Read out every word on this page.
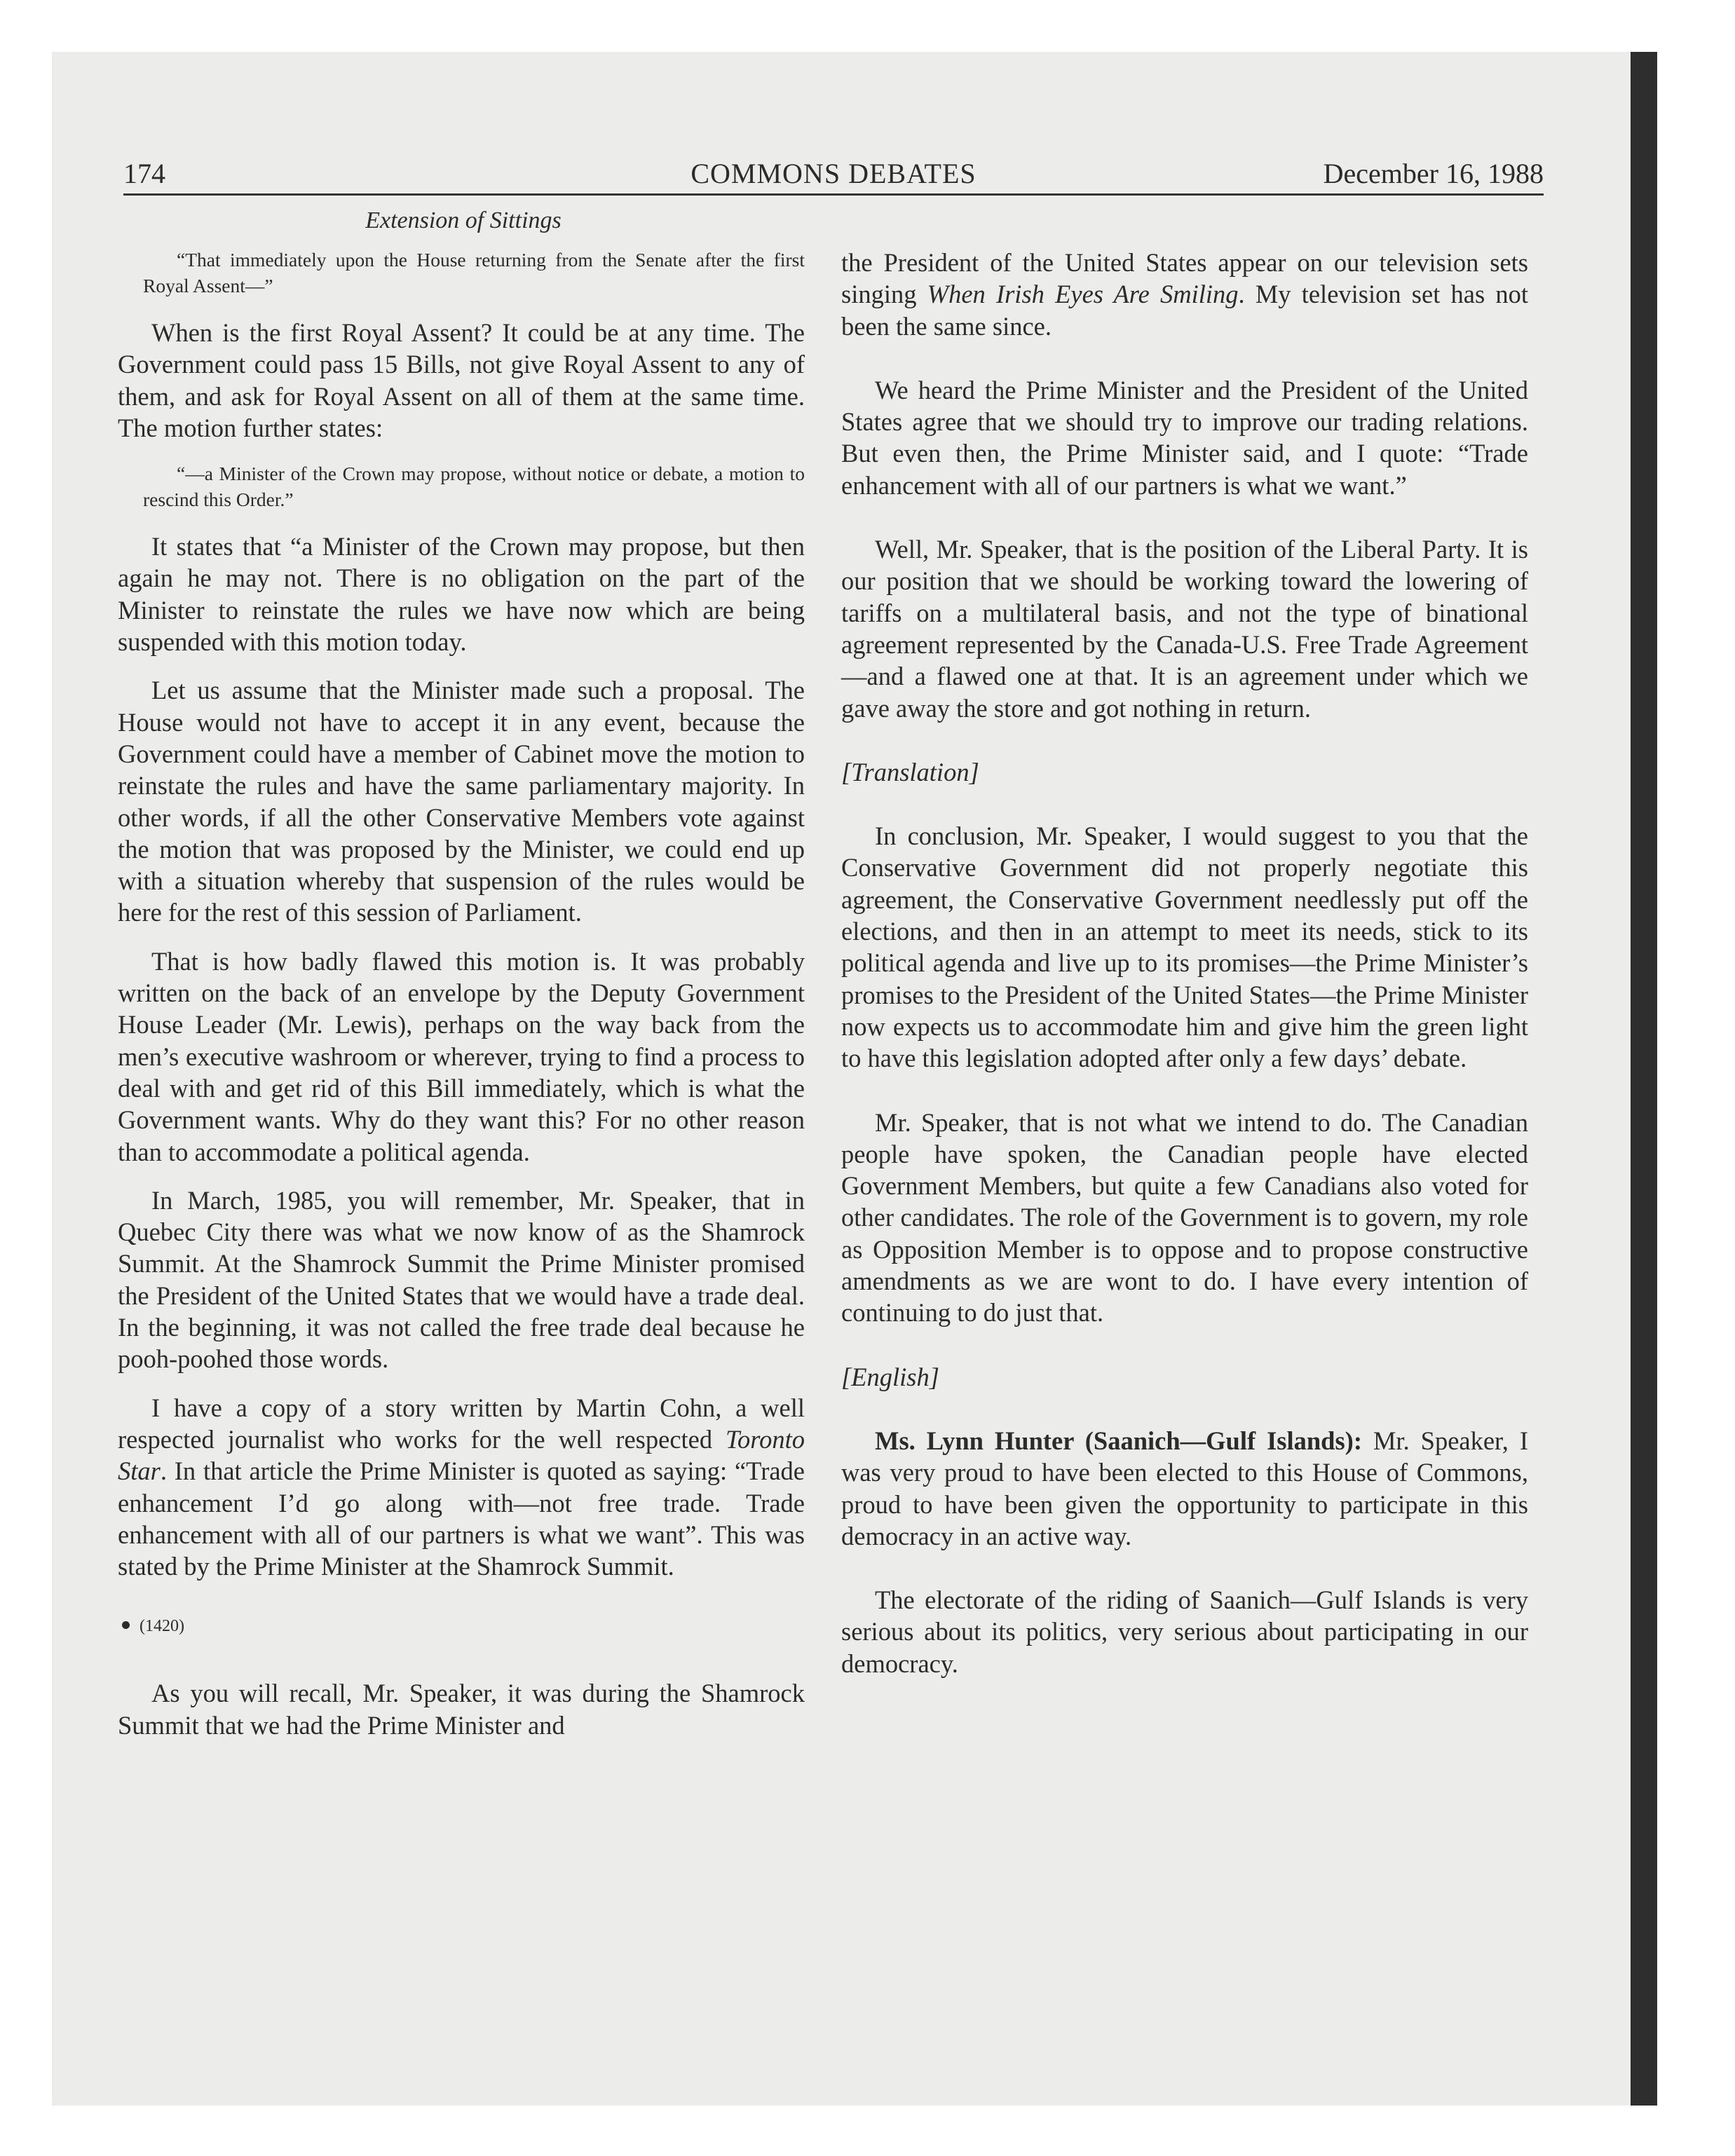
174	COMMONS DEBATES	December 16, 1988
Extension of Sittings

“That immediately upon the House returning from the Senate after the first Royal Assent—”

When is the first Royal Assent? It could be at any time. The Government could pass 15 Bills, not give Royal Assent to any of them, and ask for Royal Assent on all of them at the same time. The motion further states:

“—a Minister of the Crown may propose, without notice or debate, a motion to rescind this Order.”

It states that “a Minister of the Crown may propose, but then again he may not. There is no obligation on the part of the Minister to reinstate the rules we have now which are being suspended with this motion today.

Let us assume that the Minister made such a proposal. The House would not have to accept it in any event, because the Government could have a member of Cabinet move the motion to reinstate the rules and have the same parliamentary majority. In other words, if all the other Conservative Members vote against the motion that was proposed by the Minister, we could end up with a situation whereby that suspension of the rules would be here for the rest of this session of Parliament.

That is how badly flawed this motion is. It was probably written on the back of an envelope by the Deputy Government House Leader (Mr. Lewis), perhaps on the way back from the men’s executive washroom or wherever, trying to find a process to deal with and get rid of this Bill immediately, which is what the Government wants. Why do they want this? For no other reason than to accommodate a political agenda.

In March, 1985, you will remember, Mr. Speaker, that in Quebec City there was what we now know of as the Shamrock Summit. At the Shamrock Summit the Prime Minister promised the President of the United States that we would have a trade deal. In the beginning, it was not called the free trade deal because he pooh-poohed those words.

I have a copy of a story written by Martin Cohn, a well respected journalist who works for the well respected Toronto Star. In that article the Prime Minister is quoted as saying: “Trade enhancement I’d go along with—not free trade. Trade enhancement with all of our partners is what we want”. This was stated by the Prime Minister at the Shamrock Summit.

(1420)

As you will recall, Mr. Speaker, it was during the Shamrock Summit that we had the Prime Minister and

the President of the United States appear on our television sets singing When Irish Eyes Are Smiling. My television set has not been the same since.

We heard the Prime Minister and the President of the United States agree that we should try to improve our trading relations. But even then, the Prime Minister said, and I quote: “Trade enhancement with all of our partners is what we want.”

Well, Mr. Speaker, that is the position of the Liberal Party. It is our position that we should be working toward the lowering of tariffs on a multilateral basis, and not the type of binational agreement represented by the Canada-U.S. Free Trade Agreement—and a flawed one at that. It is an agreement under which we gave away the store and got nothing in return.

[Translation]

In conclusion, Mr. Speaker, I would suggest to you that the Conservative Government did not properly negotiate this agreement, the Conservative Government needlessly put off the elections, and then in an attempt to meet its needs, stick to its political agenda and live up to its promises—the Prime Minister’s promises to the President of the United States—the Prime Minister now expects us to accommodate him and give him the green light to have this legislation adopted after only a few days’ debate.

Mr. Speaker, that is not what we intend to do. The Canadian people have spoken, the Canadian people have elected Government Members, but quite a few Canadians also voted for other candidates. The role of the Government is to govern, my role as Opposition Member is to oppose and to propose constructive amendments as we are wont to do. I have every intention of continuing to do just that.

[English]

Ms. Lynn Hunter (Saanich—Gulf Islands): Mr. Speaker, I was very proud to have been elected to this House of Commons, proud to have been given the opportunity to participate in this democracy in an active way.

The electorate of the riding of Saanich—Gulf Islands is very serious about its politics, very serious about participating in our democracy.
